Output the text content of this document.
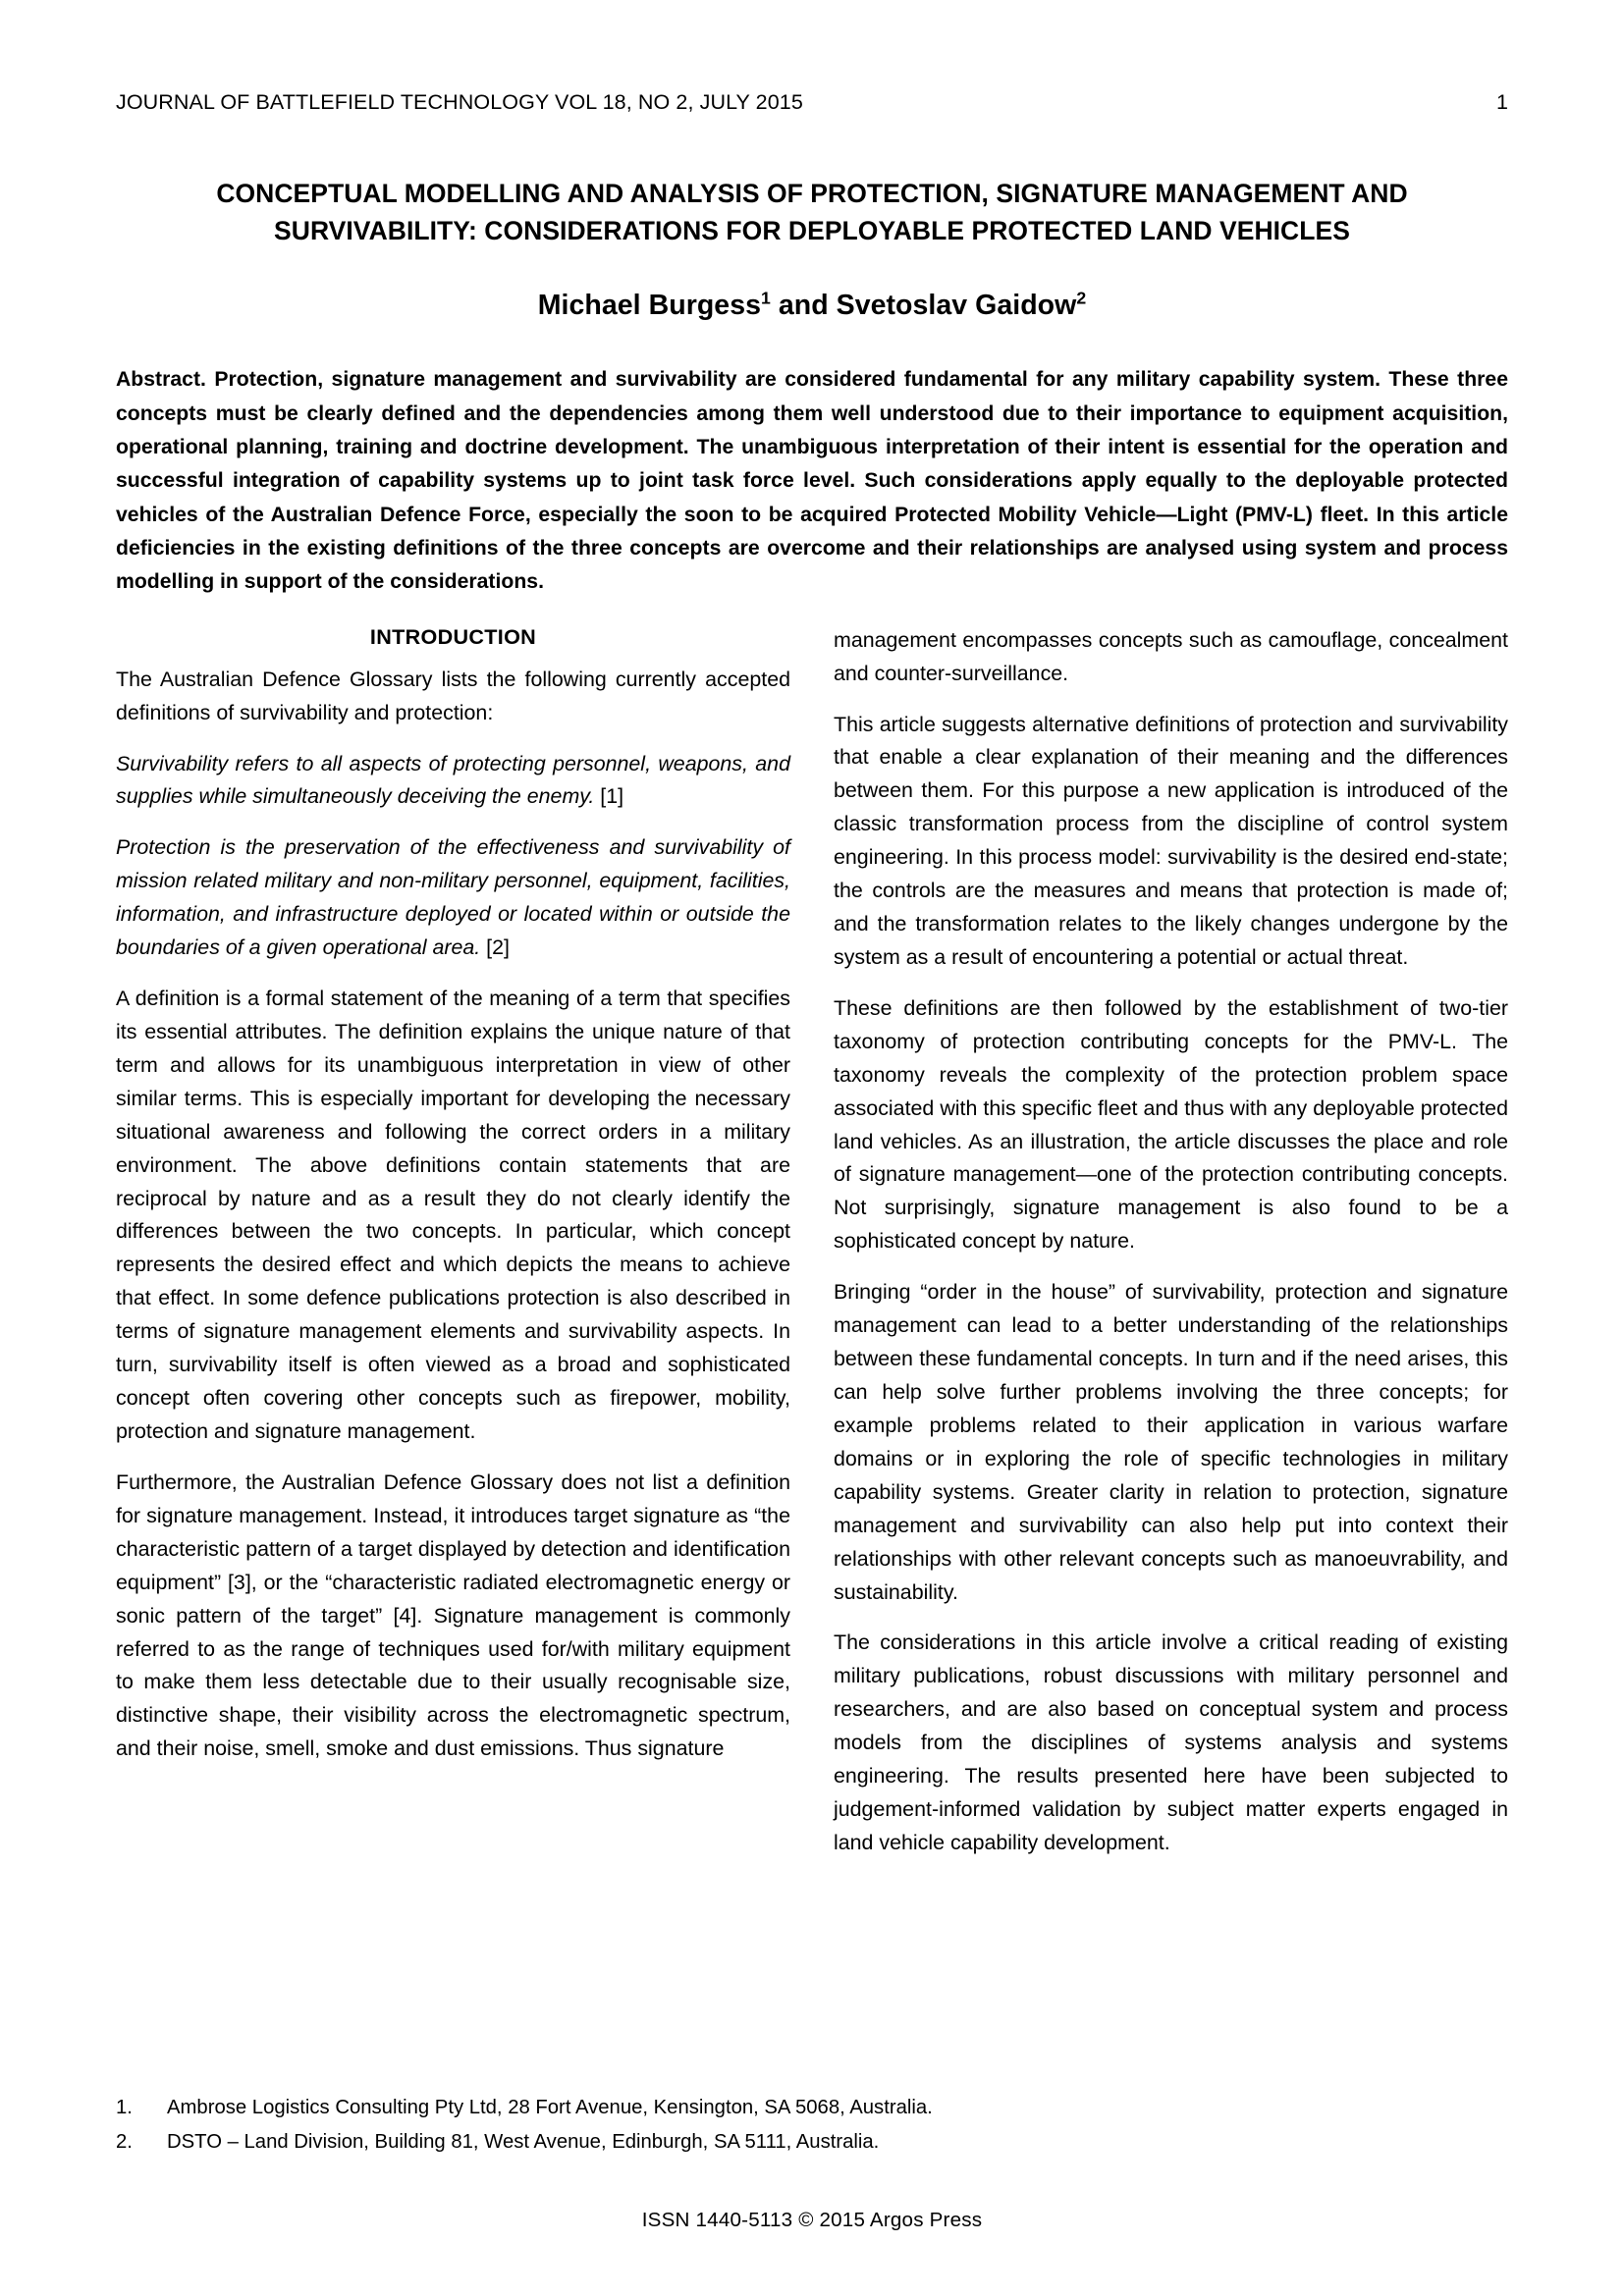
JOURNAL OF BATTLEFIELD TECHNOLOGY VOL 18, NO 2, JULY 2015	1
CONCEPTUAL MODELLING AND ANALYSIS OF PROTECTION, SIGNATURE MANAGEMENT AND SURVIVABILITY: CONSIDERATIONS FOR DEPLOYABLE PROTECTED LAND VEHICLES
Michael Burgess$^1$ and Svetoslav Gaidow$^2$
Abstract. Protection, signature management and survivability are considered fundamental for any military capability system. These three concepts must be clearly defined and the dependencies among them well understood due to their importance to equipment acquisition, operational planning, training and doctrine development. The unambiguous interpretation of their intent is essential for the operation and successful integration of capability systems up to joint task force level. Such considerations apply equally to the deployable protected vehicles of the Australian Defence Force, especially the soon to be acquired Protected Mobility Vehicle—Light (PMV-L) fleet. In this article deficiencies in the existing definitions of the three concepts are overcome and their relationships are analysed using system and process modelling in support of the considerations.
INTRODUCTION

The Australian Defence Glossary lists the following currently accepted definitions of survivability and protection:

Survivability refers to all aspects of protecting personnel, weapons, and supplies while simultaneously deceiving the enemy. [1]

Protection is the preservation of the effectiveness and survivability of mission related military and non-military personnel, equipment, facilities, information, and infrastructure deployed or located within or outside the boundaries of a given operational area. [2]

A definition is a formal statement of the meaning of a term that specifies its essential attributes. The definition explains the unique nature of that term and allows for its unambiguous interpretation in view of other similar terms. This is especially important for developing the necessary situational awareness and following the correct orders in a military environment. The above definitions contain statements that are reciprocal by nature and as a result they do not clearly identify the differences between the two concepts. In particular, which concept represents the desired effect and which depicts the means to achieve that effect. In some defence publications protection is also described in terms of signature management elements and survivability aspects. In turn, survivability itself is often viewed as a broad and sophisticated concept often covering other concepts such as firepower, mobility, protection and signature management.

Furthermore, the Australian Defence Glossary does not list a definition for signature management. Instead, it introduces target signature as “the characteristic pattern of a target displayed by detection and identification equipment” [3], or the “characteristic radiated electromagnetic energy or sonic pattern of the target” [4]. Signature management is commonly referred to as the range of techniques used for/with military equipment to make them less detectable due to their usually recognisable size, distinctive shape, their visibility across the electromagnetic spectrum, and their noise, smell, smoke and dust emissions. Thus signature

management encompasses concepts such as camouflage, concealment and counter-surveillance.

This article suggests alternative definitions of protection and survivability that enable a clear explanation of their meaning and the differences between them. For this purpose a new application is introduced of the classic transformation process from the discipline of control system engineering. In this process model: survivability is the desired end-state; the controls are the measures and means that protection is made of; and the transformation relates to the likely changes undergone by the system as a result of encountering a potential or actual threat.

These definitions are then followed by the establishment of two-tier taxonomy of protection contributing concepts for the PMV-L. The taxonomy reveals the complexity of the protection problem space associated with this specific fleet and thus with any deployable protected land vehicles. As an illustration, the article discusses the place and role of signature management—one of the protection contributing concepts. Not surprisingly, signature management is also found to be a sophisticated concept by nature.

Bringing “order in the house” of survivability, protection and signature management can lead to a better understanding of the relationships between these fundamental concepts. In turn and if the need arises, this can help solve further problems involving the three concepts; for example problems related to their application in various warfare domains or in exploring the role of specific technologies in military capability systems. Greater clarity in relation to protection, signature management and survivability can also help put into context their relationships with other relevant concepts such as manoeuvrability, and sustainability.

The considerations in this article involve a critical reading of existing military publications, robust discussions with military personnel and researchers, and are also based on conceptual system and process models from the disciplines of systems analysis and systems engineering. The results presented here have been subjected to judgement-informed validation by subject matter experts engaged in land vehicle capability development.

1.	Ambrose Logistics Consulting Pty Ltd, 28 Fort Avenue, Kensington, SA 5068, Australia.
2.	DSTO – Land Division, Building 81, West Avenue, Edinburgh, SA 5111, Australia.
ISSN 1440-5113 © 2015 Argos Press
